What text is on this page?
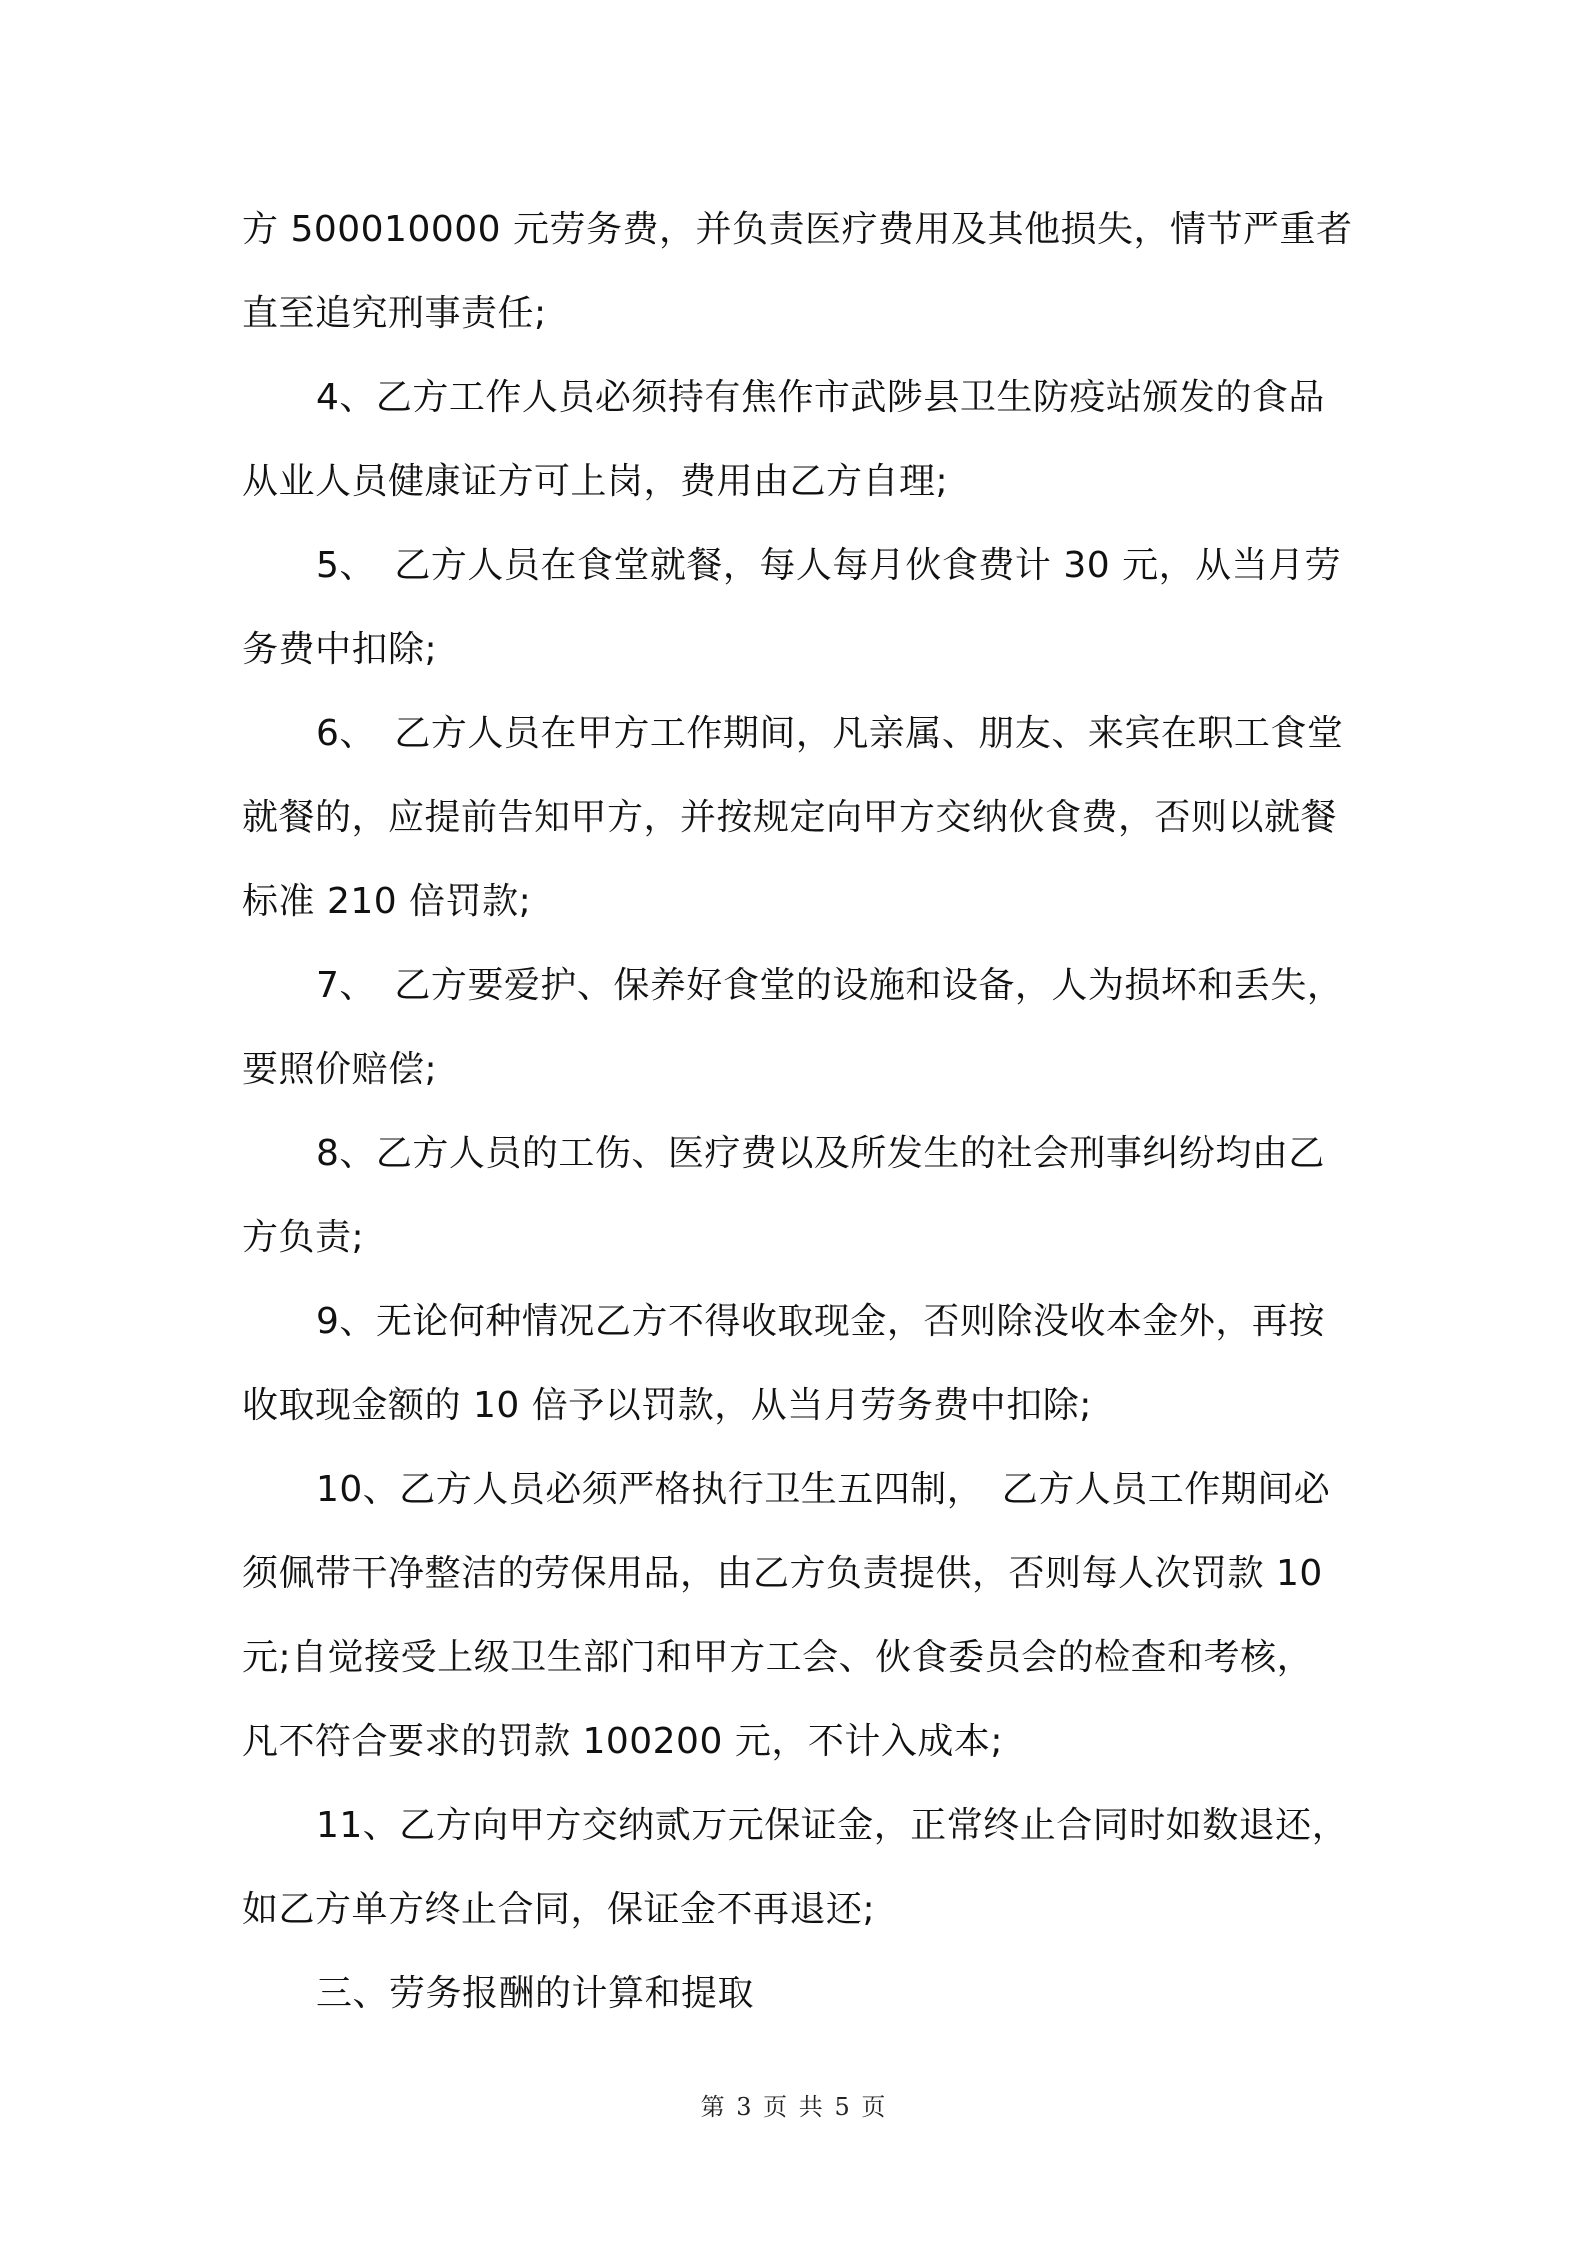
方 500010000 元劳务费，并负责医疗费用及其他损失，情节严重者
直至追究刑事责任;
4、乙方工作人员必须持有焦作市武陟县卫生防疫站颁发的食品
从业人员健康证方可上岗，费用由乙方自理;
5、　乙方人员在食堂就餐，每人每月伙食费计 30 元，从当月劳
务费中扣除;
6、　乙方人员在甲方工作期间，凡亲属、朋友、来宾在职工食堂
就餐的，应提前告知甲方，并按规定向甲方交纳伙食费，否则以就餐
标准 210 倍罚款;
7、　乙方要爱护、保养好食堂的设施和设备，人为损坏和丢失，
要照价赔偿;
8、乙方人员的工伤、医疗费以及所发生的社会刑事纠纷均由乙
方负责;
9、无论何种情况乙方不得收取现金，否则除没收本金外，再按
收取现金额的 10 倍予以罚款，从当月劳务费中扣除;
10、乙方人员必须严格执行卫生五四制，　乙方人员工作期间必
须佩带干净整洁的劳保用品，由乙方负责提供，否则每人次罚款 10
元;自觉接受上级卫生部门和甲方工会、伙食委员会的检查和考核，
凡不符合要求的罚款 100200 元，不计入成本;
11、乙方向甲方交纳贰万元保证金，正常终止合同时如数退还，
如乙方单方终止合同，保证金不再退还;
三、劳务报酬的计算和提取
第 3 页 共 5 页
